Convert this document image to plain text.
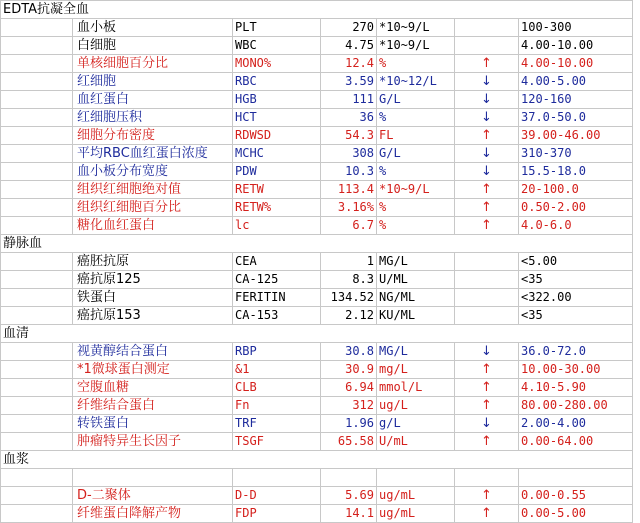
EDTA抗凝全血						
	血小板	PLT	270	*10~9/L		100-300
	白细胞	WBC	4.75	*10~9/L		4.00-10.00
	单核细胞百分比	MONO%	12.4	%	↑	4.00-10.00
	红细胞	RBC	3.59	*10~12/L	↓	4.00-5.00
	血红蛋白	HGB	111	G/L	↓	120-160
	红细胞压积	HCT	36	%	↓	37.0-50.0
	细胞分布密度	RDWSD	54.3	FL	↑	39.00-46.00
	平均RBC血红蛋白浓度	MCHC	308	G/L	↓	310-370
	血小板分布宽度	PDW	10.3	%	↓	15.5-18.0
	组织红细胞绝对值	RETW	113.4	*10~9/L	↑	20-100.0
	组织红细胞百分比	RETW%	3.16%	%	↑	0.50-2.00
	糖化血红蛋白	lc	6.7	%	↑	4.0-6.0
静脉血						
	癌胚抗原	CEA	1	MG/L		<5.00
	癌抗原125	CA-125	8.3	U/ML		<35
	铁蛋白	FERITIN	134.52	NG/ML		<322.00
	癌抗原153	CA-153	2.12	KU/ML		<35
血清						
	视黄醇结合蛋白	RBP	30.8	MG/L	↓	36.0-72.0
	*1微球蛋白测定	&1	30.9	mg/L	↑	10.00-30.00
	空腹血糖	CLB	6.94	mmol/L	↑	4.10-5.90
	纤维结合蛋白	Fn	312	ug/L	↑	80.00-280.00
	转铁蛋白	TRF	1.96	g/L	↓	2.00-4.00
	肿瘤特异生长因子	TSGF	65.58	U/mL	↑	0.00-64.00
血浆						

	D-二聚体	D-D	5.69	ug/mL	↑	0.00-0.55
	纤维蛋白降解产物	FDP	14.1	ug/mL	↑	0.00-5.00
